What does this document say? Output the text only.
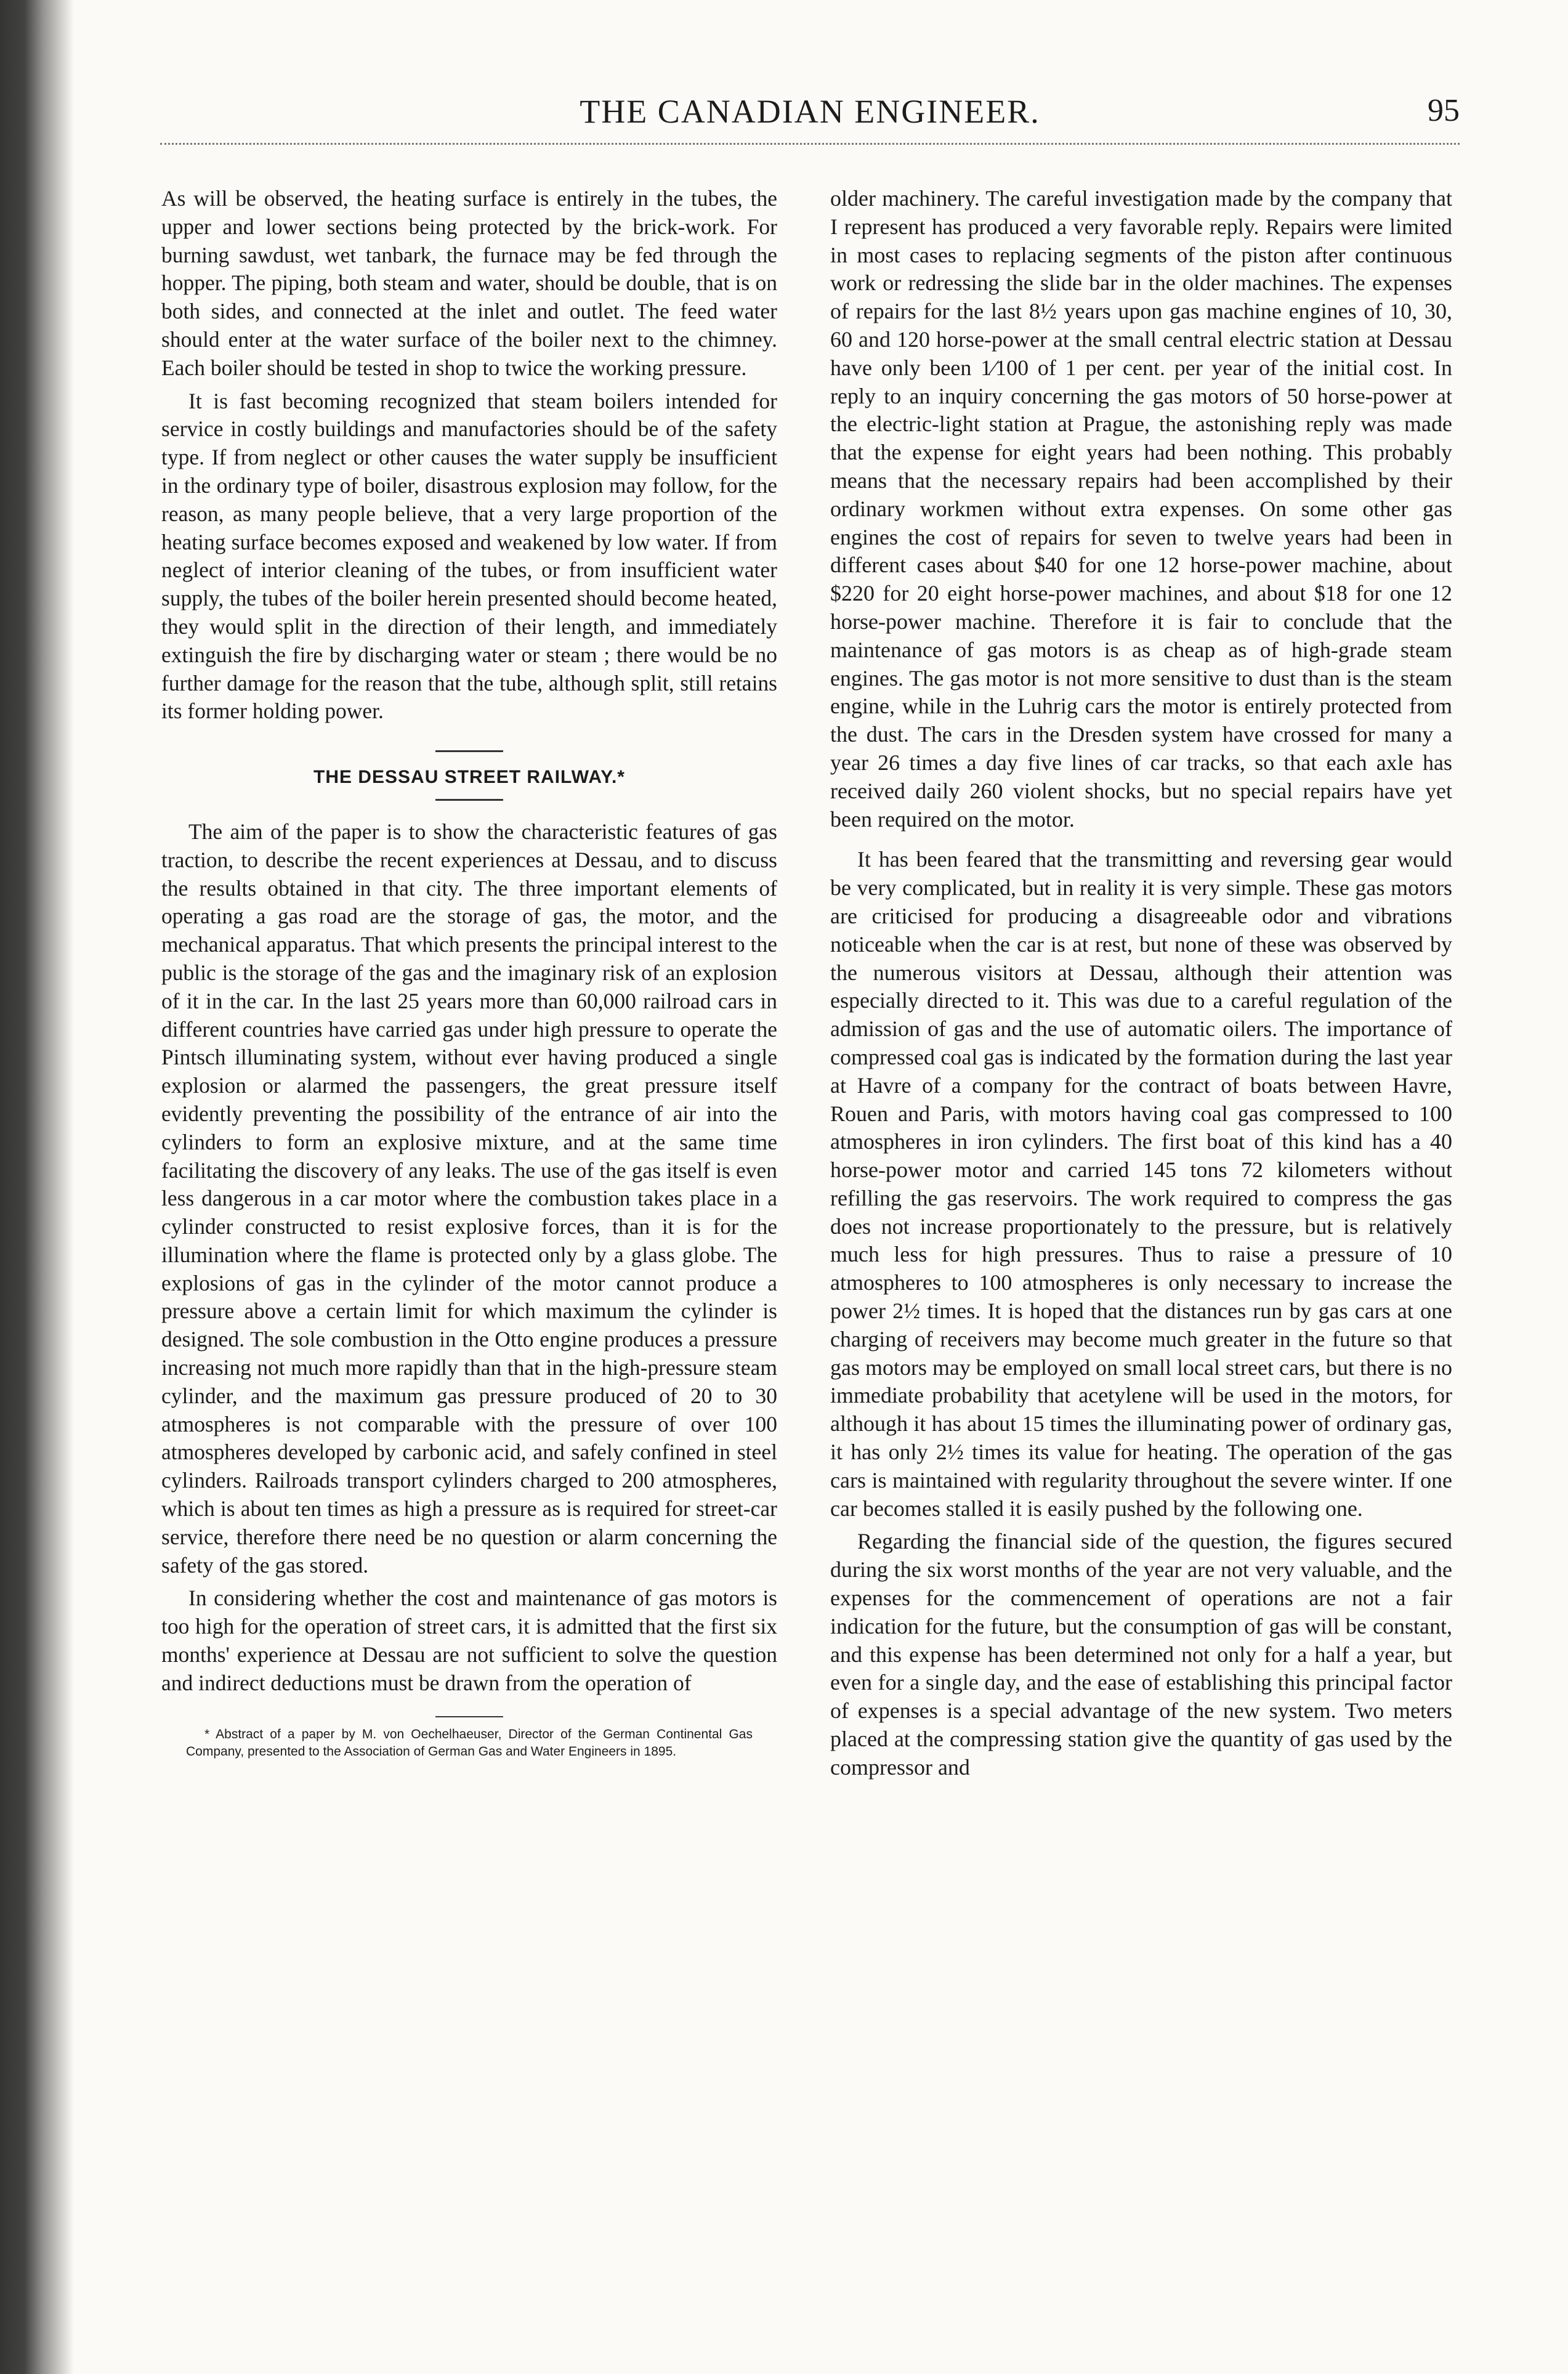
THE CANADIAN ENGINEER.	95

As will be observed, the heating surface is entirely in the tubes, the upper and lower sections being protected by the brick-work. For burning sawdust, wet tanbark, the furnace may be fed through the hopper. The piping, both steam and water, should be double, that is on both sides, and connected at the inlet and outlet. The feed water should enter at the water surface of the boiler next to the chimney. Each boiler should be tested in shop to twice the working pressure.

It is fast becoming recognized that steam boilers intended for service in costly buildings and manufactories should be of the safety type. If from neglect or other causes the water supply be insufficient in the ordinary type of boiler, disastrous explosion may follow, for the reason, as many people believe, that a very large proportion of the heating surface becomes exposed and weakened by low water. If from neglect of interior cleaning of the tubes, or from insufficient water supply, the tubes of the boiler herein presented should become heated, they would split in the direction of their length, and immediately extinguish the fire by discharging water or steam ; there would be no further damage for the reason that the tube, although split, still retains its former holding power.

THE DESSAU STREET RAILWAY.*

The aim of the paper is to show the characteristic features of gas traction, to describe the recent experiences at Dessau, and to discuss the results obtained in that city. The three important elements of operating a gas road are the storage of gas, the motor, and the mechanical apparatus. That which presents the principal interest to the public is the storage of the gas and the imaginary risk of an explosion of it in the car. In the last 25 years more than 60,000 railroad cars in different countries have carried gas under high pressure to operate the Pintsch illuminating system, without ever having produced a single explosion or alarmed the passengers, the great pressure itself evidently preventing the possibility of the entrance of air into the cylinders to form an explosive mixture, and at the same time facilitating the discovery of any leaks. The use of the gas itself is even less dangerous in a car motor where the combustion takes place in a cylinder constructed to resist explosive forces, than it is for the illumination where the flame is protected only by a glass globe. The explosions of gas in the cylinder of the motor cannot produce a pressure above a certain limit for which maximum the cylinder is designed. The sole combustion in the Otto engine produces a pressure increasing not much more rapidly than that in the high-pressure steam cylinder, and the maximum gas pressure produced of 20 to 30 atmospheres is not comparable with the pressure of over 100 atmospheres developed by carbonic acid, and safely confined in steel cylinders. Railroads transport cylinders charged to 200 atmospheres, which is about ten times as high a pressure as is required for street-car service, therefore there need be no question or alarm concerning the safety of the gas stored.

In considering whether the cost and maintenance of gas motors is too high for the operation of street cars, it is admitted that the first six months' experience at Dessau are not sufficient to solve the question and indirect deductions must be drawn from the operation of

* Abstract of a paper by M. von Oechelhaeuser, Director of the German Continental Gas Company, presented to the Association of German Gas and Water Engineers in 1895.

older machinery. The careful investigation made by the company that I represent has produced a very favorable reply. Repairs were limited in most cases to replacing segments of the piston after continuous work or redressing the slide bar in the older machines. The expenses of repairs for the last 8½ years upon gas machine engines of 10, 30, 60 and 120 horse-power at the small central electric station at Dessau have only been 1⁄100 of 1 per cent. per year of the initial cost. In reply to an inquiry concerning the gas motors of 50 horse-power at the electric-light station at Prague, the astonishing reply was made that the expense for eight years had been nothing. This probably means that the necessary repairs had been accomplished by their ordinary workmen without extra expenses. On some other gas engines the cost of repairs for seven to twelve years had been in different cases about $40 for one 12 horse-power machine, about $220 for 20 eight horse-power machines, and about $18 for one 12 horse-power machine. Therefore it is fair to conclude that the maintenance of gas motors is as cheap as of high-grade steam engines. The gas motor is not more sensitive to dust than is the steam engine, while in the Luhrig cars the motor is entirely protected from the dust. The cars in the Dresden system have crossed for many a year 26 times a day five lines of car tracks, so that each axle has received daily 260 violent shocks, but no special repairs have yet been required on the motor.

It has been feared that the transmitting and reversing gear would be very complicated, but in reality it is very simple. These gas motors are criticised for producing a disagreeable odor and vibrations noticeable when the car is at rest, but none of these was observed by the numerous visitors at Dessau, although their attention was especially directed to it. This was due to a careful regulation of the admission of gas and the use of automatic oilers. The importance of compressed coal gas is indicated by the formation during the last year at Havre of a company for the contract of boats between Havre, Rouen and Paris, with motors having coal gas compressed to 100 atmospheres in iron cylinders. The first boat of this kind has a 40 horse-power motor and carried 145 tons 72 kilometers without refilling the gas reservoirs. The work required to compress the gas does not increase proportionately to the pressure, but is relatively much less for high pressures. Thus to raise a pressure of 10 atmospheres to 100 atmospheres is only necessary to increase the power 2½ times. It is hoped that the distances run by gas cars at one charging of receivers may become much greater in the future so that gas motors may be employed on small local street cars, but there is no immediate probability that acetylene will be used in the motors, for although it has about 15 times the illuminating power of ordinary gas, it has only 2½ times its value for heating. The operation of the gas cars is maintained with regularity throughout the severe winter. If one car becomes stalled it is easily pushed by the following one.

Regarding the financial side of the question, the figures secured during the six worst months of the year are not very valuable, and the expenses for the commencement of operations are not a fair indication for the future, but the consumption of gas will be constant, and this expense has been determined not only for a half a year, but even for a single day, and the ease of establishing this principal factor of expenses is a special advantage of the new system. Two meters placed at the compressing station give the quantity of gas used by the compressor and
